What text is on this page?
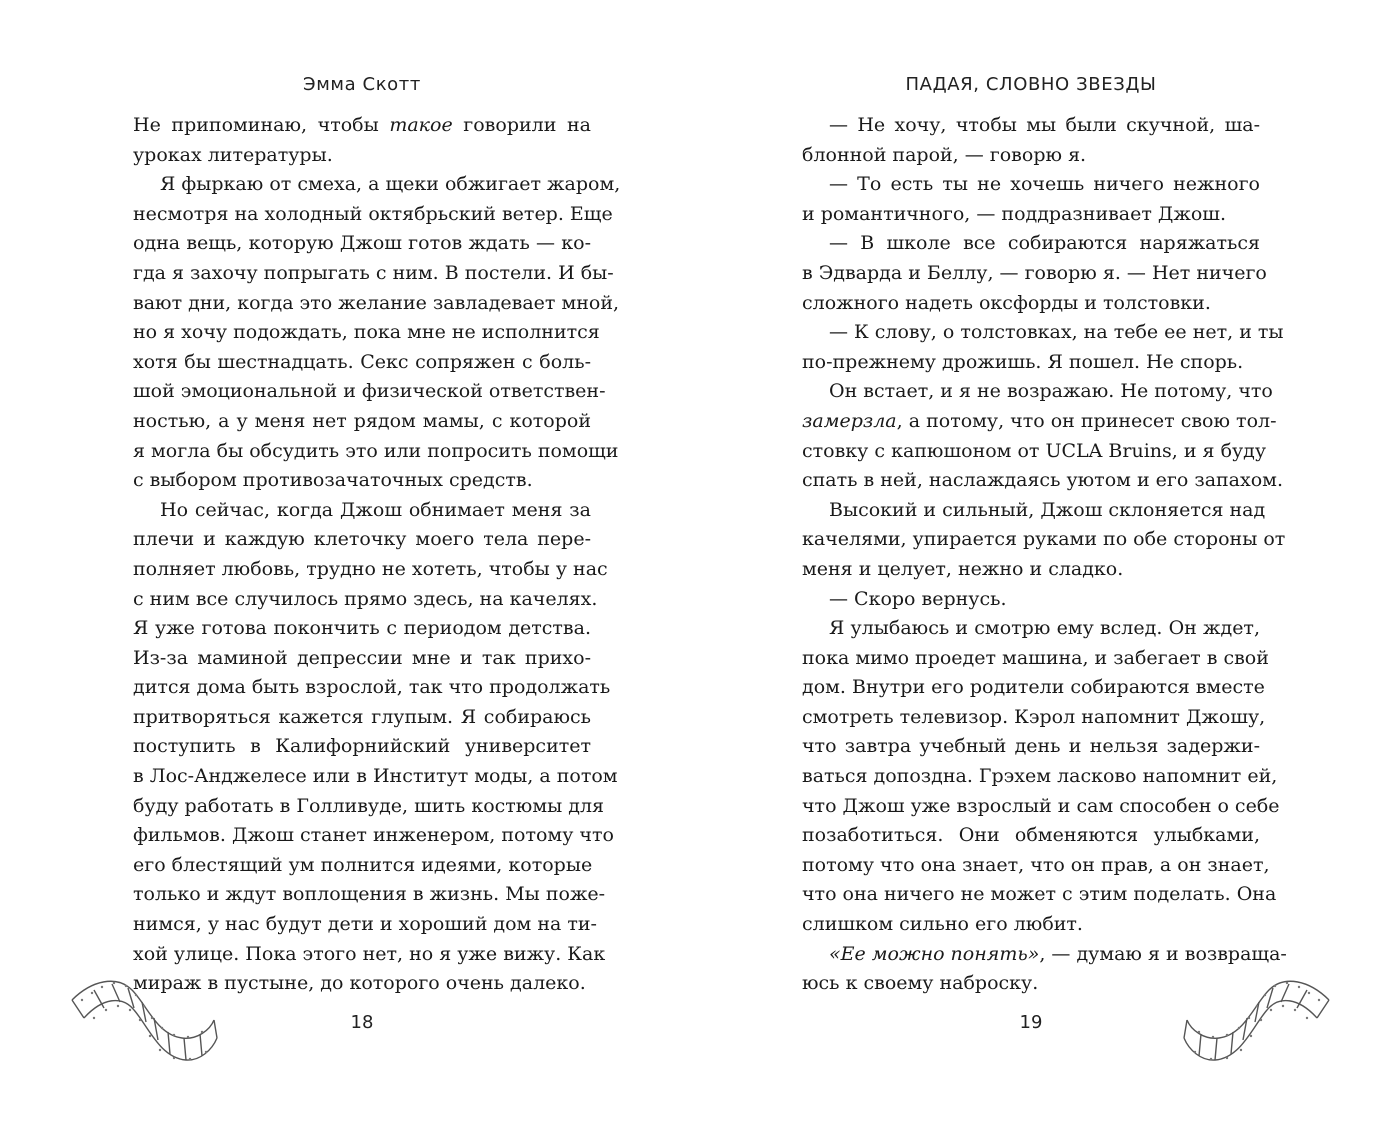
Эмма Скотт
Не припоминаю, чтобы такое говорили на
уроках литературы.
Я фыркаю от смеха, а щеки обжигает жаром,
несмотря на холодный октябрьский ветер. Еще
одна вещь, которую Джош готов ждать — ко-
гда я захочу попрыгать с ним. В постели. И бы-
вают дни, когда это желание завладевает мной,
но я хочу подождать, пока мне не исполнится
хотя бы шестнадцать. Секс сопряжен с боль-
шой эмоциональной и физической ответствен-
ностью, а у меня нет рядом мамы, с которой
я могла бы обсудить это или попросить помощи
с выбором противозачаточных средств.
Но сейчас, когда Джош обнимает меня за
плечи и каждую клеточку моего тела пере-
полняет любовь, трудно не хотеть, чтобы у нас
с ним все случилось прямо здесь, на качелях.
Я уже готова покончить с периодом детства.
Из-за маминой депрессии мне и так прихо-
дится дома быть взрослой, так что продолжать
притворяться кажется глупым. Я собираюсь
поступить в Калифорнийский университет
в Лос-Анджелесе или в Институт моды, а потом
буду работать в Голливуде, шить костюмы для
фильмов. Джош станет инженером, потому что
его блестящий ум полнится идеями, которые
только и ждут воплощения в жизнь. Мы поже-
нимся, у нас будут дети и хороший дом на ти-
хой улице. Пока этого нет, но я уже вижу. Как
мираж в пустыне, до которого очень далеко.
18
ПАДАЯ, СЛОВНО ЗВЕЗДЫ
— Не хочу, чтобы мы были скучной, ша-
блонной парой, — говорю я.
— То есть ты не хочешь ничего нежного
и романтичного, — поддразнивает Джош.
— В школе все собираются наряжаться
в Эдварда и Беллу, — говорю я. — Нет ничего
сложного надеть оксфорды и толстовки.
— К слову, о толстовках, на тебе ее нет, и ты
по-прежнему дрожишь. Я пошел. Не спорь.
Он встает, и я не возражаю. Не потому, что
замерзла, а потому, что он принесет свою тол-
стовку с капюшоном от UCLA Bruins, и я буду
спать в ней, наслаждаясь уютом и его запахом.
Высокий и сильный, Джош склоняется над
качелями, упирается руками по обе стороны от
меня и целует, нежно и сладко.
— Скоро вернусь.
Я улыбаюсь и смотрю ему вслед. Он ждет,
пока мимо проедет машина, и забегает в свой
дом. Внутри его родители собираются вместе
смотреть телевизор. Кэрол напомнит Джошу,
что завтра учебный день и нельзя задержи-
ваться допоздна. Грэхем ласково напомнит ей,
что Джош уже взрослый и сам способен о себе
позаботиться. Они обменяются улыбками,
потому что она знает, что он прав, а он знает,
что она ничего не может с этим поделать. Она
слишком сильно его любит.
«Ее можно понять», — думаю я и возвраща-
юсь к своему наброску.
19
